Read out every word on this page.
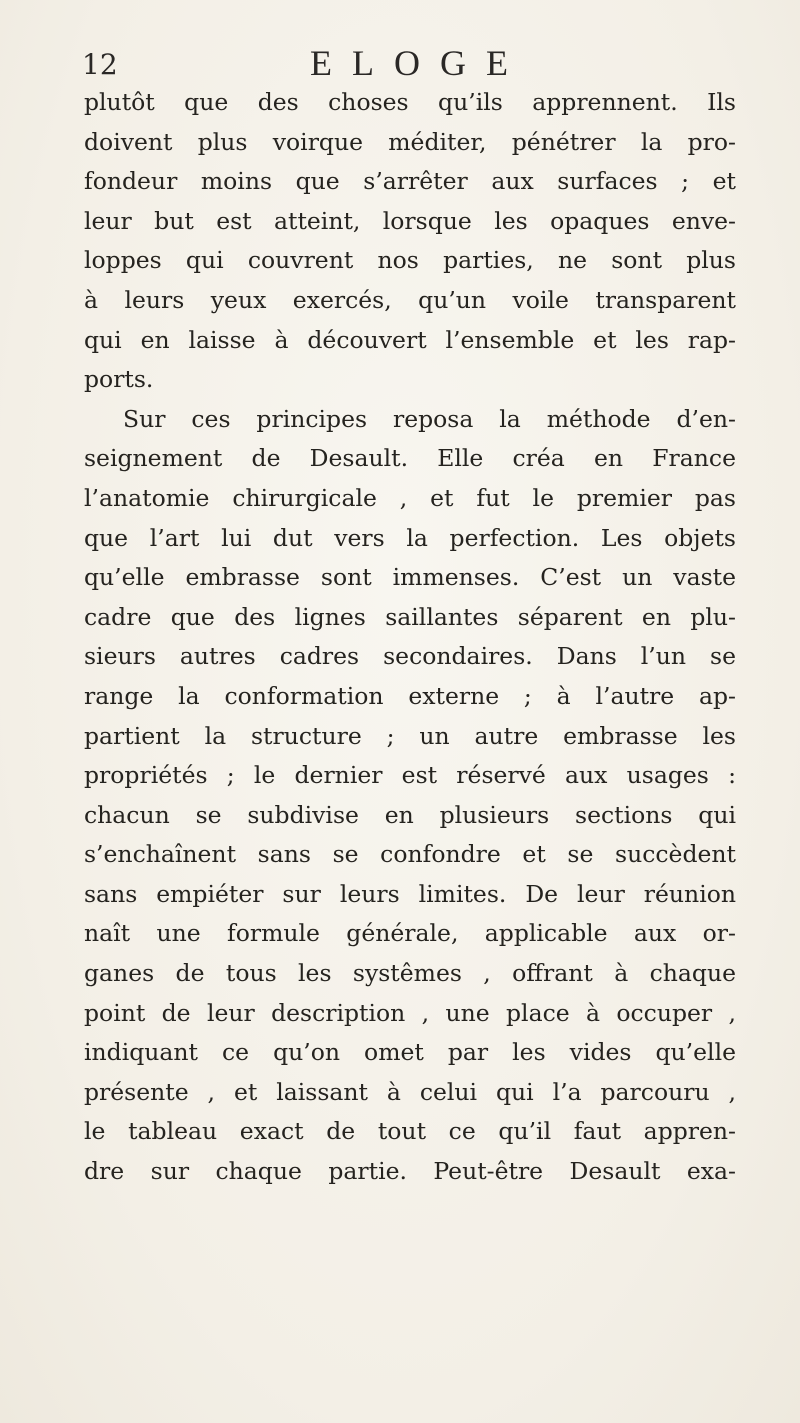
12	ELOGE
plutôt que des choses qu’ils apprennent. Ils
doivent plus voirque méditer, pénétrer la pro-
fondeur moins que s’arrêter aux surfaces ; et
leur but est atteint, lorsque les opaques enve-
loppes qui couvrent nos parties, ne sont plus
à leurs yeux exercés, qu’un voile transparent
qui en laisse à découvert l’ensemble et les rap-
ports.
Sur ces principes reposa la méthode d’en-
seignement de Desault. Elle créa en France
l’anatomie chirurgicale , et fut le premier pas
que l’art lui dut vers la perfection. Les objets
qu’elle embrasse sont immenses. C’est un vaste
cadre que des lignes saillantes séparent en plu-
sieurs autres cadres secondaires. Dans l’un se
range la conformation externe ; à l’autre ap-
partient la structure ; un autre embrasse les
propriétés ; le dernier est réservé aux usages :
chacun se subdivise en plusieurs sections qui
s’enchaînent sans se confondre et se succèdent
sans empiéter sur leurs limites. De leur réunion
naît une formule générale, applicable aux or-
ganes de tous les systêmes , offrant à chaque
point de leur description , une place à occuper ,
indiquant ce qu’on omet par les vides qu’elle
présente , et laissant à celui qui l’a parcouru ,
le tableau exact de tout ce qu’il faut appren-
dre sur chaque partie. Peut-être Desault exa-
